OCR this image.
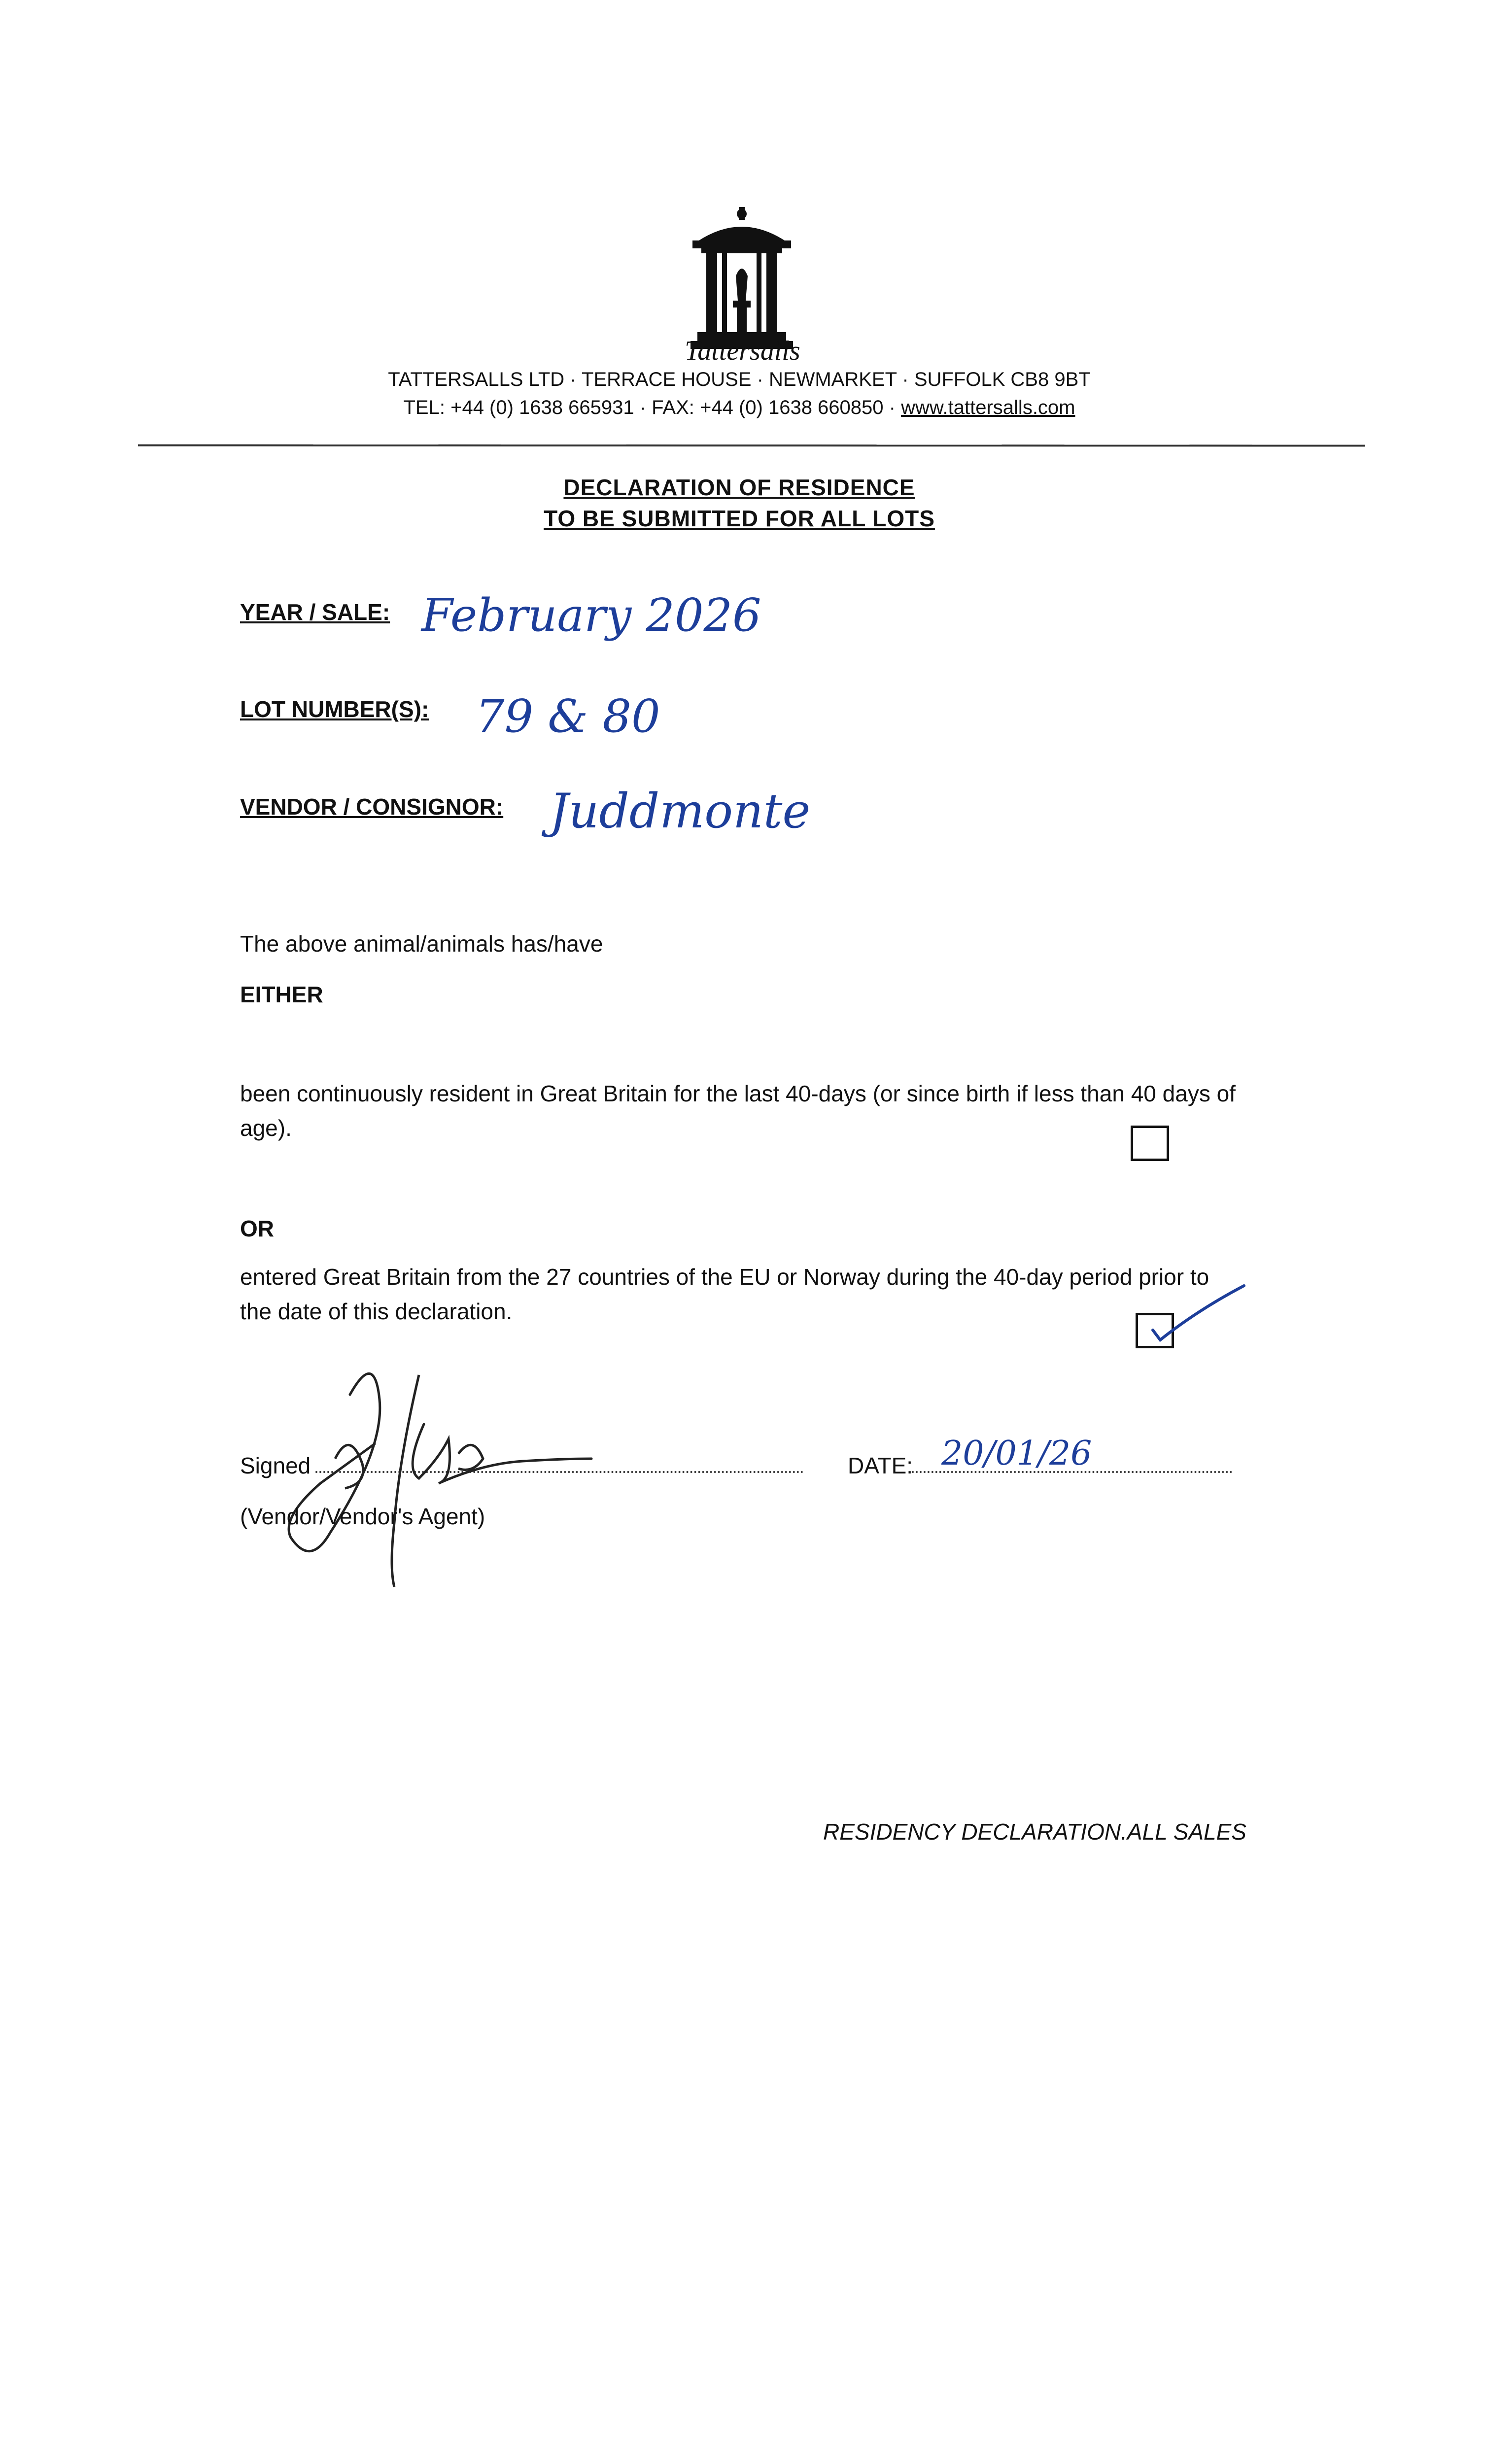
Tattersalls
TATTERSALLS LTD · TERRACE HOUSE · NEWMARKET · SUFFOLK CB8 9BT
TEL: +44 (0) 1638 665931 · FAX: +44 (0) 1638 660850 · www.tattersalls.com
DECLARATION OF RESIDENCE
TO BE SUBMITTED FOR ALL LOTS
YEAR / SALE: February 2026
LOT NUMBER(S): 79 & 80
VENDOR / CONSIGNOR: Juddmonte
The above animal/animals has/have
EITHER
been continuously resident in Great Britain for the last 40-days (or since birth if less than 40 days of age).
OR
entered Great Britain from the 27 countries of the EU or Norway during the 40-day period prior to the date of this declaration.
Signed
(Vendor/Vendor's Agent)
DATE: 20/01/26
RESIDENCY DECLARATION.ALL SALES
